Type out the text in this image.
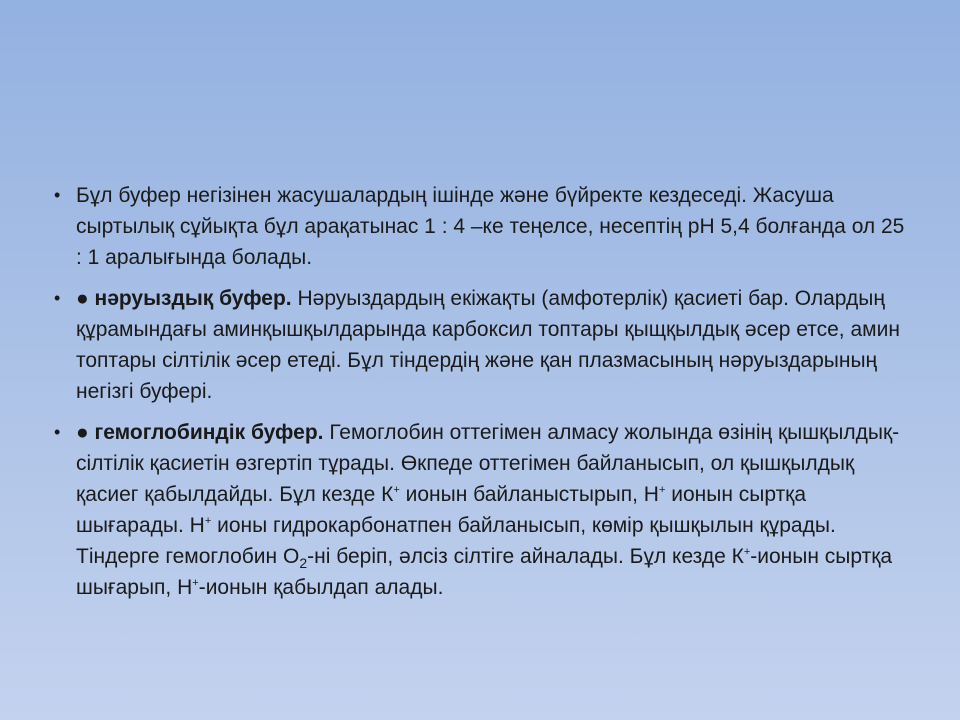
• Бұл буфер негізінен жасушалардың ішінде және бүйректе кездеседі. Жасуша сыртылық сұйықта бұл арақатынас 1 : 4 –ке теңелсе, несептің рН 5,4 болғанда ол 25 : 1 аралығында болады.
• ● нәруыздық буфер. Нәруыздардың екіжақты (амфотерлік) қасиеті бар. Олардың құрамындағы аминқышқылдарында карбоксил топтары қыщқылдық әсер етсе, амин топтары сілтілік әсер етеді. Бұл тіндердің және қан плазмасының нәруыздарының негізгі буфері.
• ● гемоглобиндік буфер. Гемоглобин оттегімен алмасу жолында өзінің қышқылдық-сілтілік қасиетін өзгертіп тұрады. Өкпеде оттегімен байланысып, ол қышқылдық қасиег қабылдайды. Бұл кезде К+ ионын байланыстырып, Н+ ионын сыртқа шығарады. Н+ ионы гидрокарбонатпен байланысып, көмір қышқылын құрады. Тіндерге гемоглобин $О_2-ні$ беріп, әлсіз сілтіге айналады. Бұл кезде К+-ионын сыртқа шығарып, Н+-ионын қабылдап алады.
